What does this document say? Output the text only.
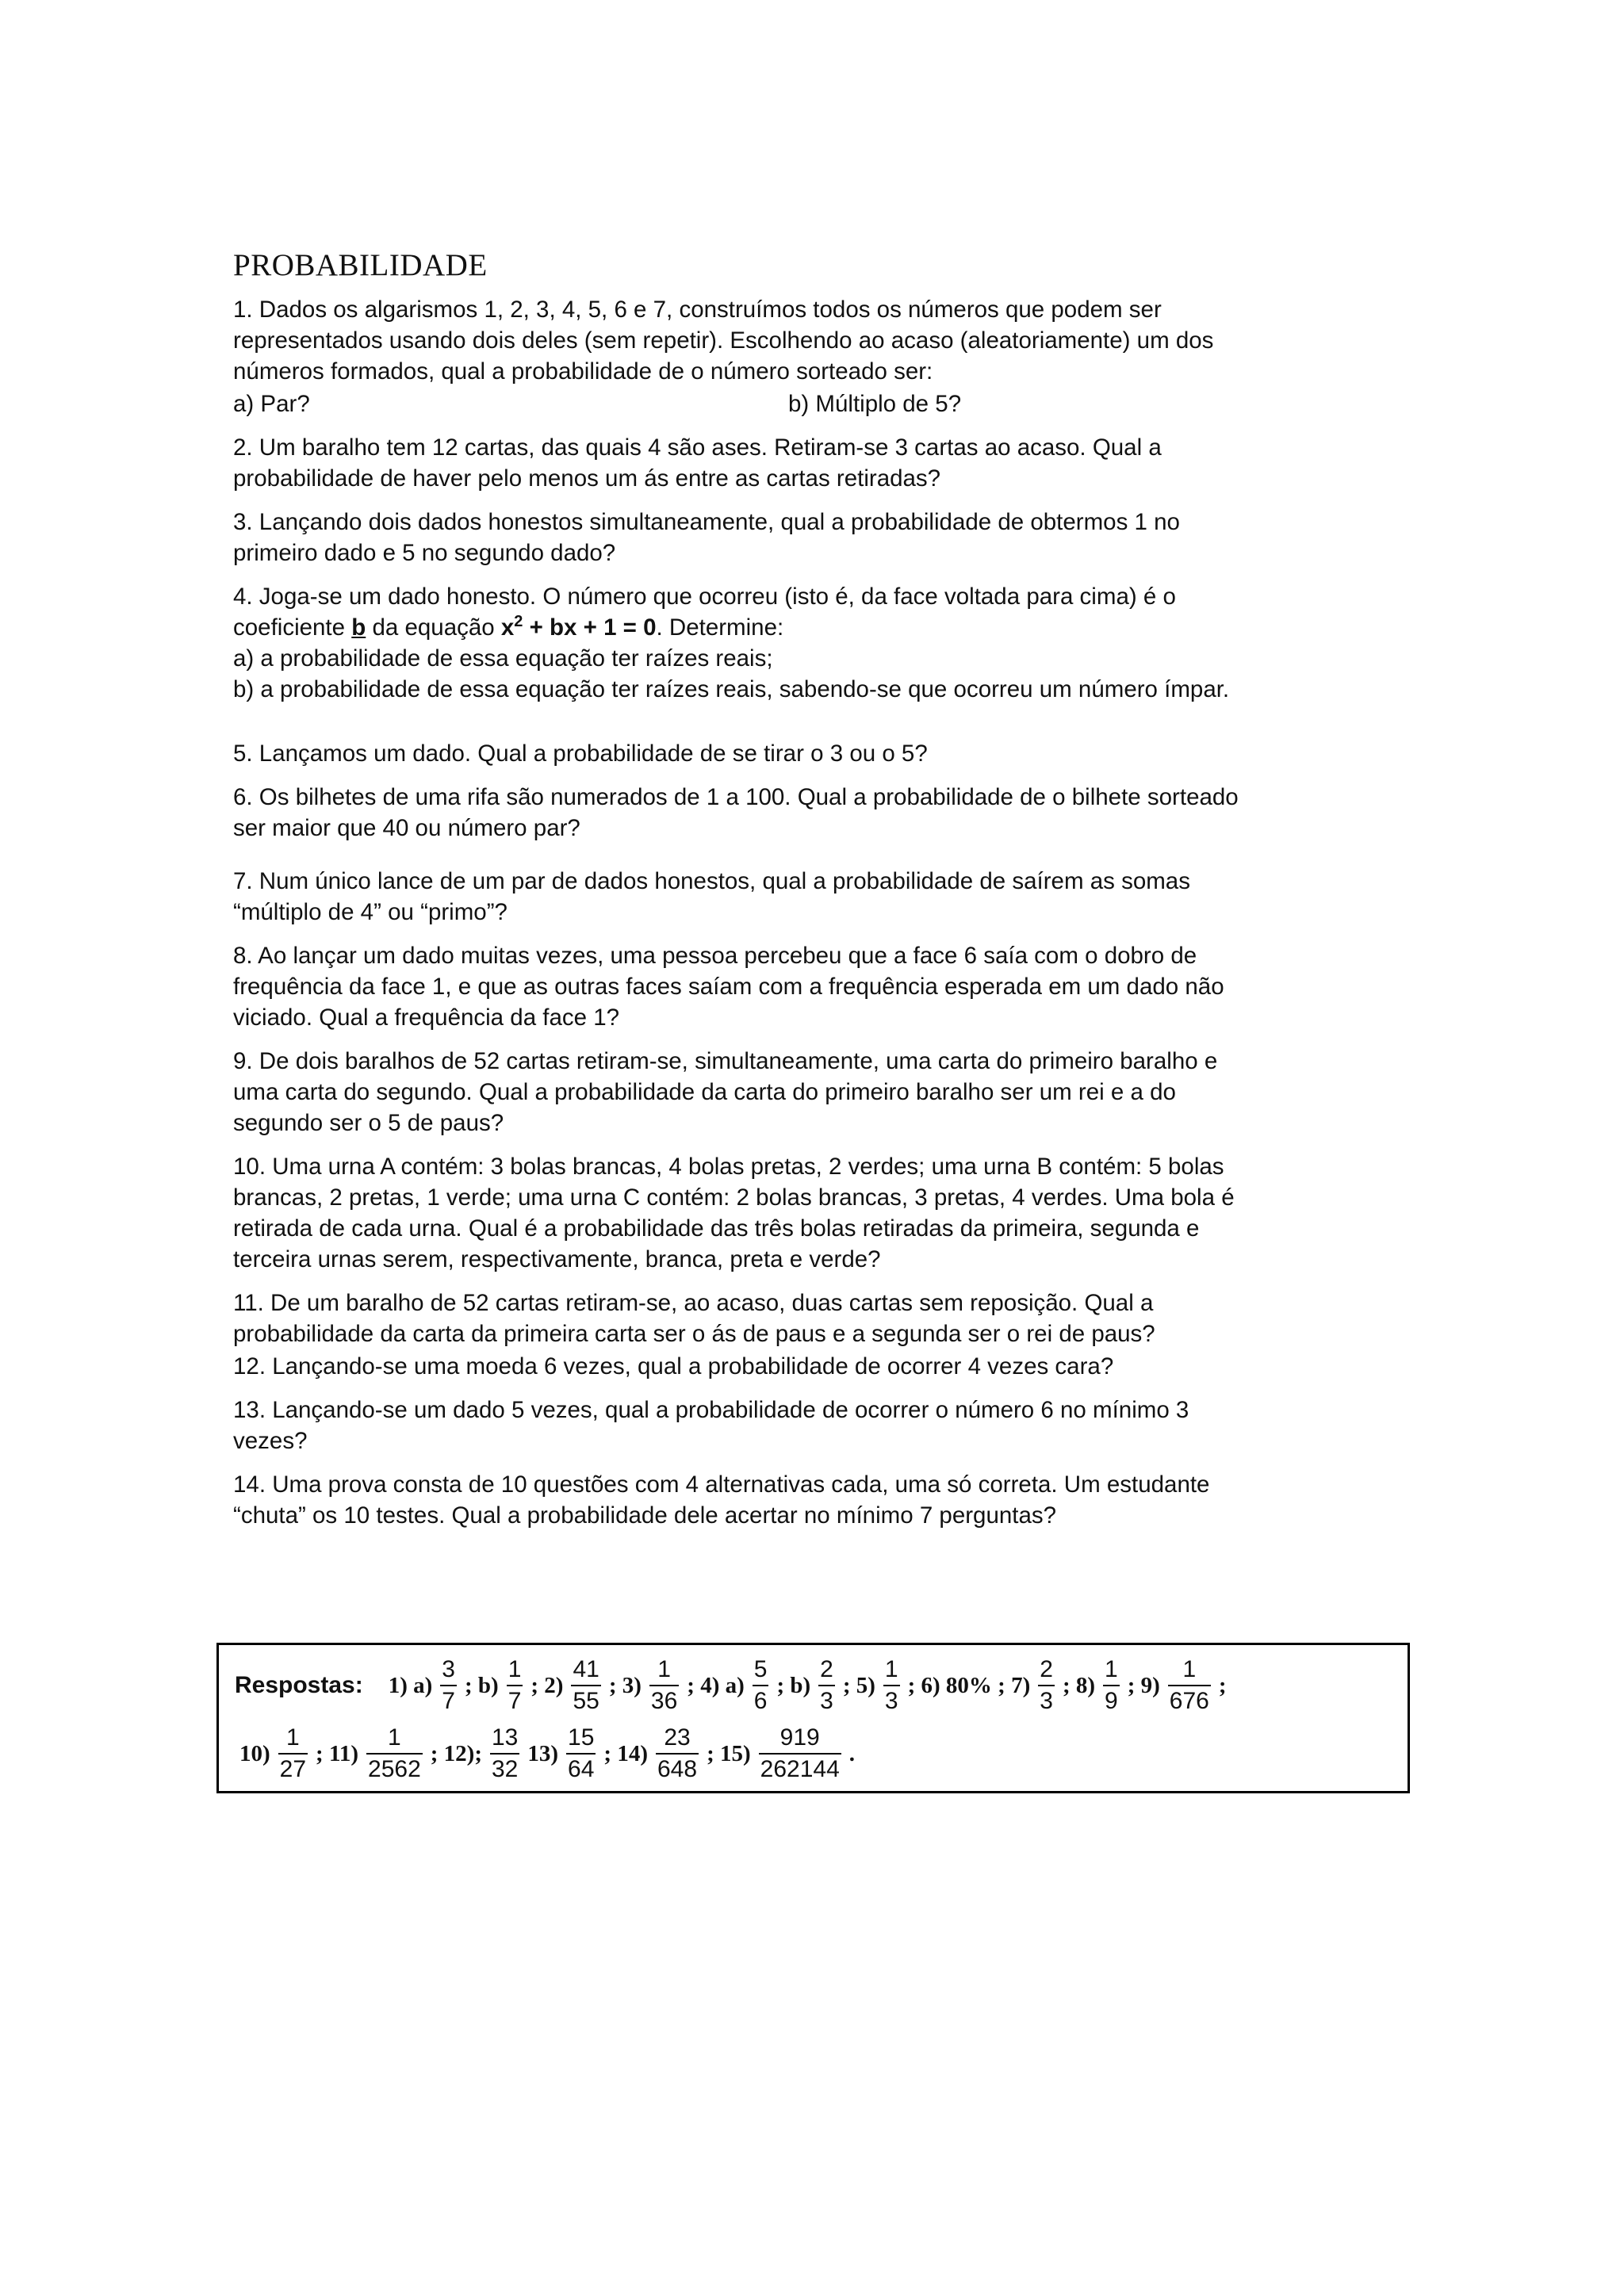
PROBABILIDADE
1. Dados os algarismos 1, 2, 3, 4, 5, 6 e 7, construímos todos os números que podem ser
representados usando dois deles (sem repetir). Escolhendo ao acaso (aleatoriamente) um dos
números formados, qual a probabilidade de o número sorteado ser:
a) Par?	b) Múltiplo de 5?
2. Um baralho tem 12 cartas, das quais 4 são ases. Retiram-se 3 cartas ao acaso. Qual a
probabilidade de haver pelo menos um ás entre as cartas retiradas?
3. Lançando dois dados honestos simultaneamente, qual a probabilidade de obtermos 1 no
primeiro dado e 5 no segundo dado?
4. Joga-se um dado honesto. O número que ocorreu (isto é, da face voltada para cima) é o
coeficiente b da equação $x^2$ + bx + 1 = 0. Determine:
a) a probabilidade de essa equação ter raízes reais;
b) a probabilidade de essa equação ter raízes reais, sabendo-se que ocorreu um número ímpar.
5. Lançamos um dado. Qual a probabilidade de se tirar o 3 ou o 5?
6. Os bilhetes de uma rifa são numerados de 1 a 100. Qual a probabilidade de o bilhete sorteado
ser maior que 40 ou número par?
7. Num único lance de um par de dados honestos, qual a probabilidade de saírem as somas
“múltiplo de 4” ou “primo”?
8. Ao lançar um dado muitas vezes, uma pessoa percebeu que a face 6 saía com o dobro de
frequência da face 1, e que as outras faces saíam com a frequência esperada em um dado não
viciado. Qual a frequência da face 1?
9. De dois baralhos de 52 cartas retiram-se, simultaneamente, uma carta do primeiro baralho e
uma carta do segundo. Qual a probabilidade da carta do primeiro baralho ser um rei e a do
segundo ser o 5 de paus?
10. Uma urna A contém: 3 bolas brancas, 4 bolas pretas, 2 verdes; uma urna B contém: 5 bolas
brancas, 2 pretas, 1 verde; uma urna C contém: 2 bolas brancas, 3 pretas, 4 verdes. Uma bola é
retirada de cada urna. Qual é a probabilidade das três bolas retiradas da primeira, segunda e
terceira urnas serem, respectivamente, branca, preta e verde?
11. De um baralho de 52 cartas retiram-se, ao acaso, duas cartas sem reposição. Qual a
probabilidade da carta da primeira carta ser o ás de paus e a segunda ser o rei de paus?
12. Lançando-se uma moeda 6 vezes, qual a probabilidade de ocorrer 4 vezes cara?
13. Lançando-se um dado 5 vezes, qual a probabilidade de ocorrer o número 6 no mínimo 3
vezes?
14. Uma prova consta de 10 questões com 4 alternativas cada, uma só correta. Um estudante
“chuta” os 10 testes. Qual a probabilidade dele acertar no mínimo 7 perguntas?
Respostas: 1) $a) \frac{3}{7}$ ; $b) \frac{1}{7}$ ; $2) \frac{41}{55}$ ; $3) \frac{1}{36}$ ; 4) $a) \frac{5}{6}$ ; $b) \frac{2}{3}$ ; $5) \frac{1}{3}$ ; 6) 80% ; $7) \frac{2}{3}$ ; $8) \frac{1}{9}$ ; $9) \frac{1}{676}$ ;
$10) \frac{1}{27}$ ; $11) \frac{1}{2562}$ ; 12); $\frac{13}{32} 13) \frac{15}{64}$ ; $14) \frac{23}{648}$ ; $15) \frac{919}{262144}$ .
